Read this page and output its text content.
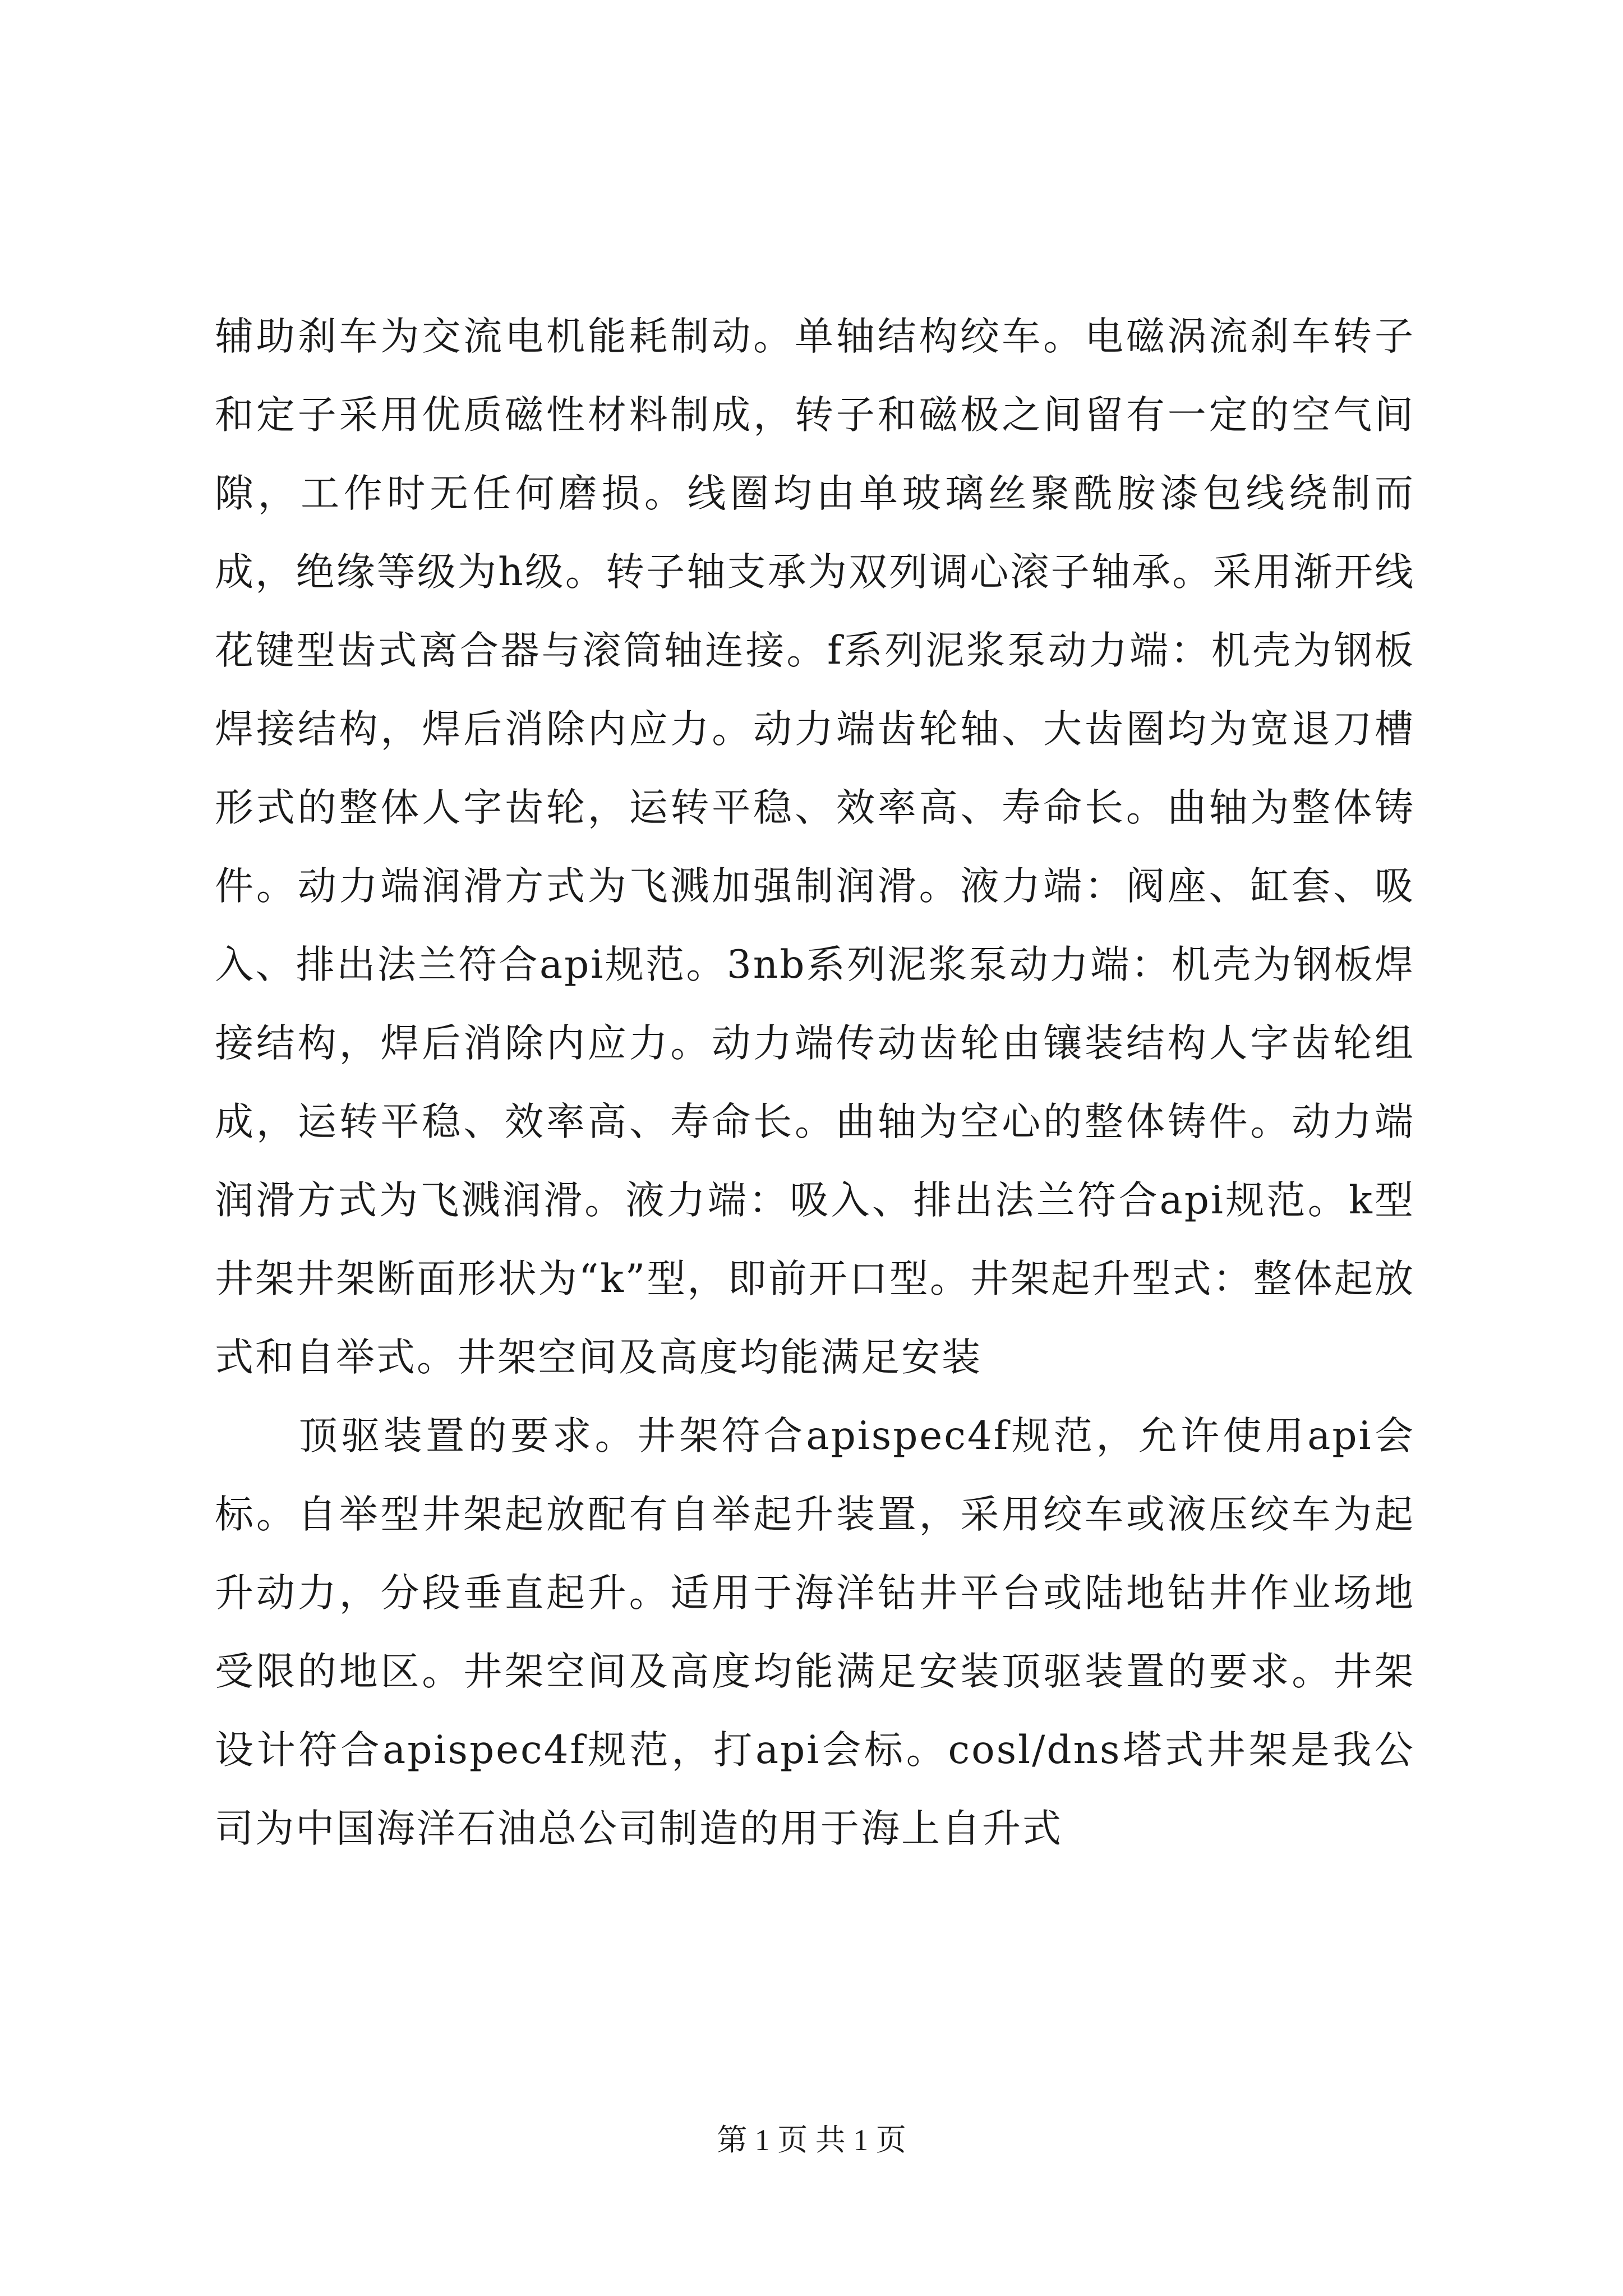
辅助刹车为交流电机能耗制动。单轴结构绞车。电磁涡流刹车转子和定子采用优质磁性材料制成，转子和磁极之间留有一定的空气间隙，工作时无任何磨损。线圈均由单玻璃丝聚酰胺漆包线绕制而成，绝缘等级为h级。转子轴支承为双列调心滚子轴承。采用渐开线花键型齿式离合器与滚筒轴连接。f系列泥浆泵动力端：机壳为钢板焊接结构，焊后消除内应力。动力端齿轮轴、大齿圈均为宽退刀槽形式的整体人字齿轮，运转平稳、效率高、寿命长。曲轴为整体铸件。动力端润滑方式为飞溅加强制润滑。液力端：阀座、缸套、吸入、排出法兰符合api规范。3nb系列泥浆泵动力端：机壳为钢板焊接结构，焊后消除内应力。动力端传动齿轮由镶装结构人字齿轮组成，运转平稳、效率高、寿命长。曲轴为空心的整体铸件。动力端润滑方式为飞溅润滑。液力端：吸入、排出法兰符合api规范。k型井架井架断面形状为“k”型，即前开口型。井架起升型式：整体起放式和自举式。井架空间及高度均能满足安装

顶驱装置的要求。井架符合apispec4f规范，允许使用api会标。自举型井架起放配有自举起升装置，采用绞车或液压绞车为起升动力，分段垂直起升。适用于海洋钻井平台或陆地钻井作业场地受限的地区。井架空间及高度均能满足安装顶驱装置的要求。井架设计符合apispec4f规范，打api会标。cosl/dns塔式井架是我公司为中国海洋石油总公司制造的用于海上自升式

第 1 页 共 1 页
